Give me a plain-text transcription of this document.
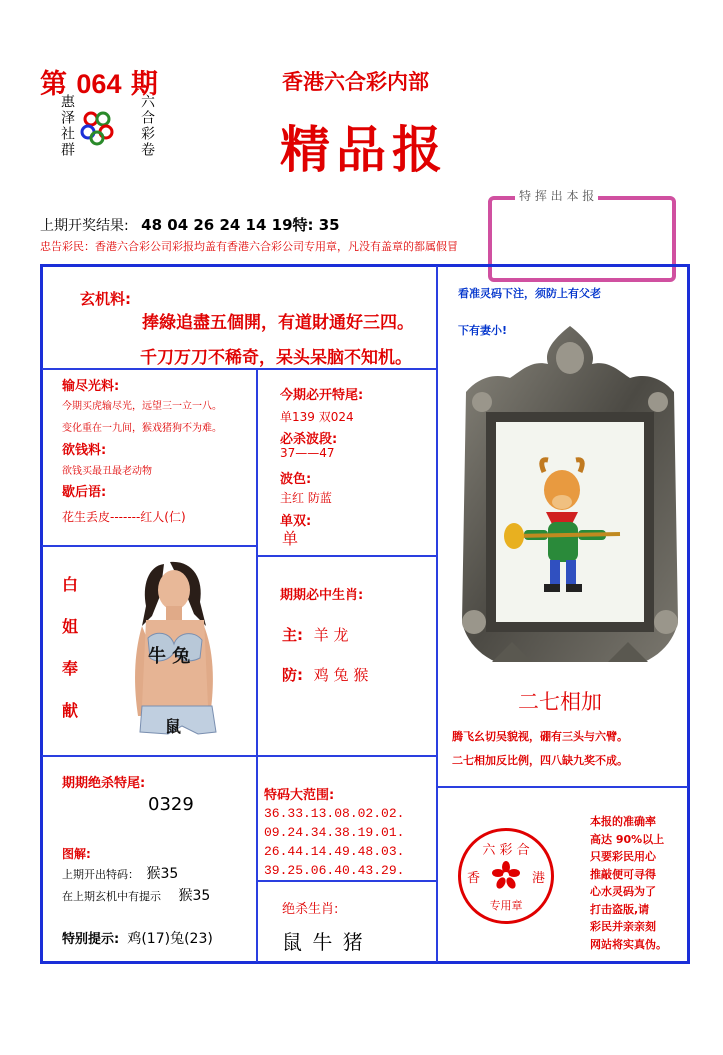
第 064 期
惠泽社群	六合彩卷
香港六合彩内部
精品报
特 挥 出 本 报
上期开奖结果: 48 04 26 24 14 19特: 35
忠告彩民：香港六合彩公司彩报均盖有香港六合彩公司专用章，凡没有盖章的都属假冒
玄机料:
捧綠追盡五個開，有道財通好三四。
千刀万刀不稀奇，呆头呆脑不知机。
输尽光料:
今期买虎输尽光，远望三一立一八。
变化重在一九间，猴戏猪狗不为难。
欲钱料:
欲钱买最丑最老动物
歇后语:
花生丢皮-------红人(仁)
今期必开特尾:
单139 双024
必杀波段:
37——47
波色:
主红 防蓝
单双:
单
看准灵码下注，须防上有父老
下有妻小!
二七相加
腾飞幺切吴貌视，硼有三头与六臂。
二七相加反比例，四八缺九奖不成。
白
姐
奉
献
牛 兔
鼠
期期必中生肖:
主: 羊 龙
防: 鸡 兔 猴
期期绝杀特尾:
0329
图解:
上期开出特码： 猴35
在上期玄机中有提示 猴35
特别提示: 鸡(17)兔(23)
特码大范围:
36.33.13.08.02.02.
09.24.34.38.19.01.
26.44.14.49.48.03.
39.25.06.40.43.29.
绝杀生肖:
鼠 牛 猪
六 彩 合
香	港
专用章
本报的准确率
高达 90%以上
只要彩民用心
推敲便可寻得
心水灵码为了
打击盗版,请
彩民并亲亲刻
网站将实真伪。
